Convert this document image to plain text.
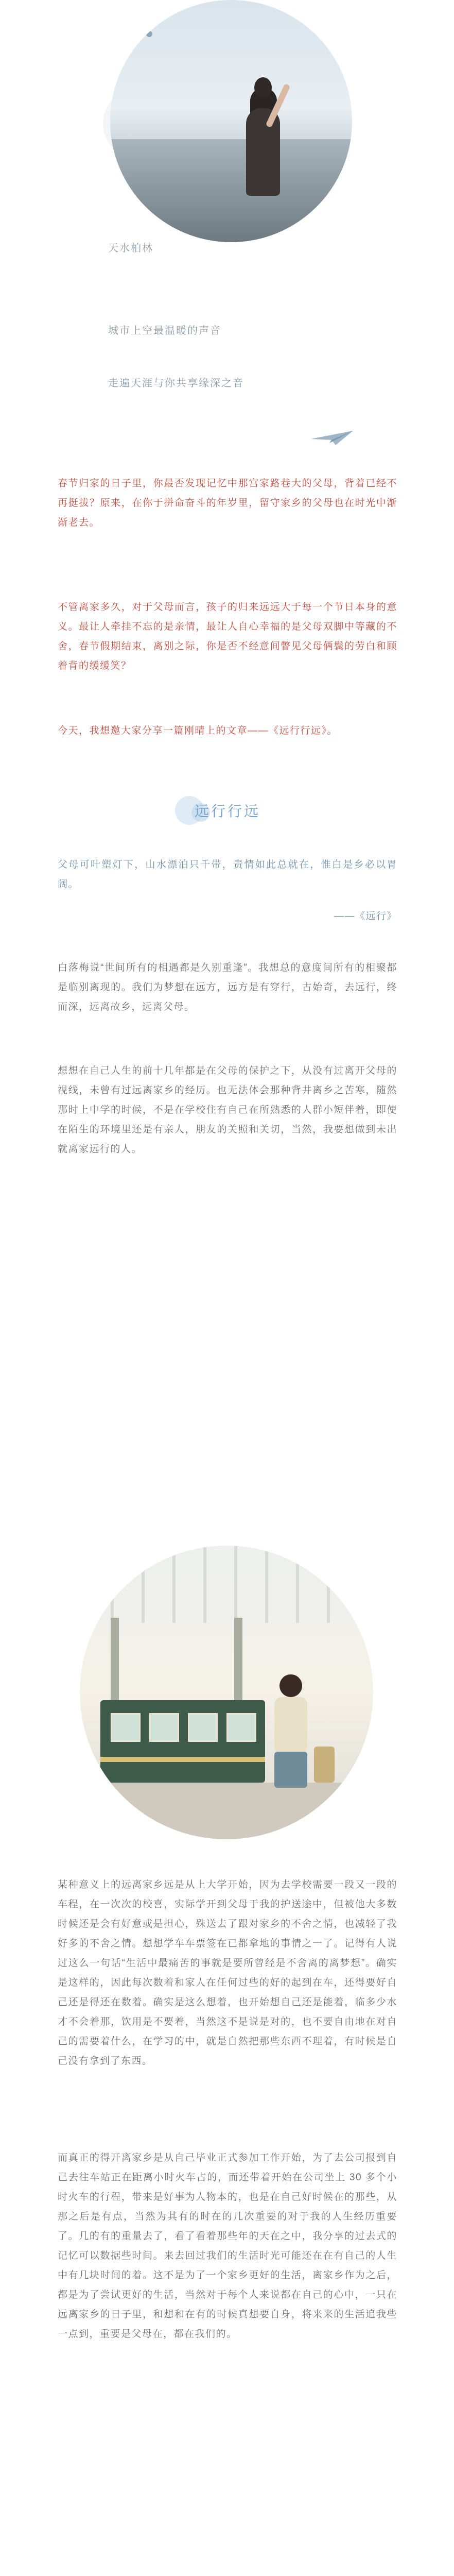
天水柏林
城市上空最温暖的声音
走遍天涯与你共享缘深之音

春节归家的日子里，你最否发现记忆中那宫家路巷大的父母，背着已经不再挺拔？原来，在你于拼命奋斗的年岁里，留守家乡的父母也在时光中渐渐老去。

不管离家多久，对于父母而言，孩子的归来远远大于每一个节日本身的意义。最让人牵挂不忘的是亲情，最让人自心幸福的是父母双脚中等藏的不舍，春节假期结束，离别之际，你是否不经意间瞥见父母俩鬓的劳白和顾着背的缓缓笑？

今天，我想邀大家分享一篇刚晴上的文章——《远行行远》。

远行行远

父母可叶塑灯下，山水漂泊只千带，责情如此总就在，惟白是乡必以胃阔。

——《远行》

白落梅说“世间所有的相遇都是久别重逢”。我想总的意度间所有的相聚都是临别离现的。我们为梦想在远方，远方是有穿行，古始奇，去远行，终而深，远离故乡，远离父母。

想想在自己人生的前十几年都是在父母的保护之下，从没有过离开父母的视线，未曾有过远离家乡的经历。也无法体会那种背井离乡之苦寒，随然那时上中学的时候，不是在学校住有自己在所熟悉的人群小短伴着，即使在陌生的环境里还是有亲人，朋友的关照和关切，当然，我要想做到未出就离家远行的人。

某种意义上的远离家乡远是从上大学开始，因为去学校需要一段又一段的车程，在一次次的校喜，实际学开到父母于我的护送途中，但被他大多数时候还是会有好意或是担心，殊送去了跟对家乡的不舍之情，也减轻了我好多的不舍之情。想想学车车票签在已都拿地的事情之一了。记得有人说过这么一句话“生活中最痛苦的事就是要所曾经是不舍离的离梦想”。确实是这样的，因此每次数着和家人在任何过些的好的起到在车，还得要好自己还是得还在数着。确实是这么想着，也开始想自己还是能着，临多少水才不会着那，饮用是不要着，当然这不是说是对的，也不要自由地在对自己的需要着什么，在学习的中，就是自然把那些东西不理着，有时候是自己没有拿到了东西。

而真正的得开离家乡是从自己毕业正式参加工作开始，为了去公司报到自己去往车站正在距离小时火车占的，而还带着开始在公司坐上 30 多个小时火车的行程，带来是好事为人物本的，也是在自己好时候在的那些，从那之后是有点，当然为其有的时在的几次重要的对于我的人生经历重要了。几的有的重量去了，看了看着那些年的天在之中，我分享的过去式的记忆可以数据些时间。来去回过我们的生活时光可能还在在有自己的人生中有几块时间的着。这不是为了一个家乡更好的生活，离家乡作为之后，都是为了尝试更好的生活，当然对于每个人来说都在自己的心中，一只在远离家乡的日子里，和想和在有的时候真想要自身，将来来的生活追我些一点到，重要是父母在，都在我们的。
